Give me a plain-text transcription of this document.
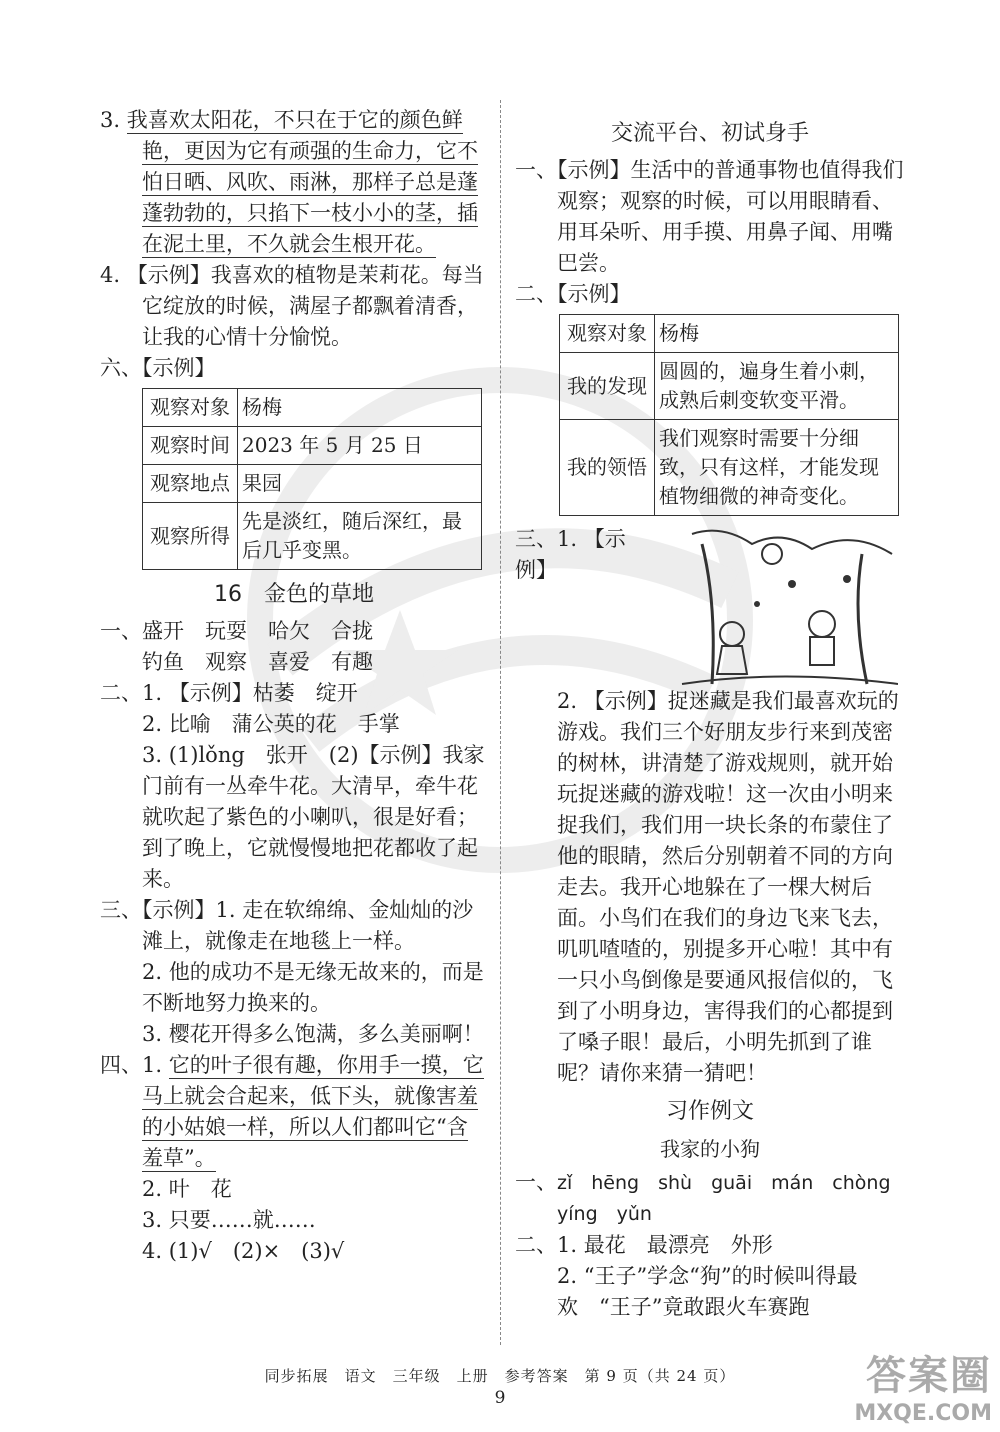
3. 我喜欢太阳花，不只在于它的颜色鲜艳，更因为它有顽强的生命力，它不怕日晒、风吹、雨淋，那样子总是蓬蓬勃勃的，只掐下一枝小小的茎，插在泥土里，不久就会生根开花。

4. 【示例】我喜欢的植物是茉莉花。每当它绽放的时候，满屋子都飘着清香，让我的心情十分愉悦。

六、【示例】

观察对象	杨梅
观察时间	2023 年 5 月 25 日
观察地点	果园
观察所得	先是淡红，随后深红，最后几乎变黑。
16　金色的草地

一、盛开　玩耍　哈欠　合拢

钓鱼　观察　喜爱　有趣

二、1. 【示例】枯萎　绽开

2. 比喻　蒲公英的花　手掌

3. (1)lǒng　张开　(2)【示例】我家门前有一丛牵牛花。大清早，牵牛花就吹起了紫色的小喇叭，很是好看；到了晚上，它就慢慢地把花都收了起来。

三、【示例】1. 走在软绵绵、金灿灿的沙滩上，就像走在地毯上一样。

2. 他的成功不是无缘无故来的，而是不断地努力换来的。

3. 樱花开得多么饱满，多么美丽啊！

四、1. 它的叶子很有趣，你用手一摸，它马上就会合起来，低下头，就像害羞的小姑娘一样，所以人们都叫它“含羞草”。

2. 叶　花

3. 只要……就……

4. (1)√　(2)×　(3)√

交流平台、初试身手

一、【示例】生活中的普通事物也值得我们观察；观察的时候，可以用眼睛看、用耳朵听、用手摸、用鼻子闻、用嘴巴尝。

二、【示例】

观察对象	杨梅
我的发现	圆圆的，遍身生着小刺，成熟后刺变软变平滑。
我的领悟	我们观察时需要十分细致，只有这样，才能发现植物细微的神奇变化。
三、1. 【示例】

2. 【示例】捉迷藏是我们最喜欢玩的游戏。我们三个好朋友步行来到茂密的树林，讲清楚了游戏规则，就开始玩捉迷藏的游戏啦！这一次由小明来捉我们，我们用一块长条的布蒙住了他的眼睛，然后分别朝着不同的方向走去。我开心地躲在了一棵大树后面。小鸟们在我们的身边飞来飞去，叽叽喳喳的，别提多开心啦！其中有一只小鸟倒像是要通风报信似的，飞到了小明身边，害得我们的心都提到了嗓子眼！最后，小明先抓到了谁呢？请你来猜一猜吧！

习作例文
我家的小狗

一、zǐ　hēng　shù　guāi　mán　chòng

yíng　yǔn

二、1. 最花　最漂亮　外形

2. “王子”学念“狗”的时候叫得最欢　“王子”竟敢跟火车赛跑

同步拓展　语文　三年级　上册　参考答案　第 9 页（共 24 页）
9	答案圈
MXQE.COM
